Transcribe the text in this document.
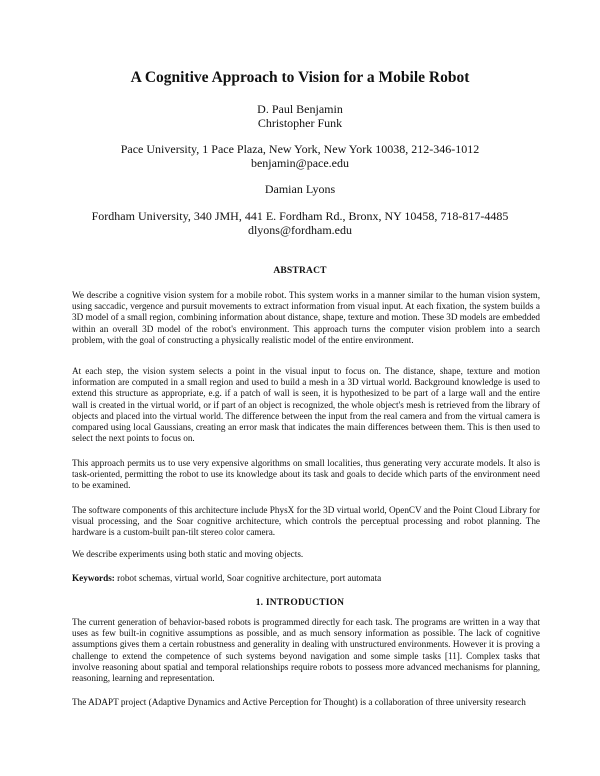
A Cognitive Approach to Vision for a Mobile Robot
D. Paul Benjamin
Christopher Funk
Pace University, 1 Pace Plaza, New York, New York 10038, 212-346-1012
benjamin@pace.edu
Damian Lyons
Fordham University, 340 JMH, 441 E. Fordham Rd., Bronx, NY 10458, 718-817-4485
dlyons@fordham.edu
ABSTRACT

We describe a cognitive vision system for a mobile robot. This system works in a manner similar to the human vision system, using saccadic, vergence and pursuit movements to extract information from visual input. At each fixation, the system builds a 3D model of a small region, combining information about distance, shape, texture and motion. These 3D models are embedded within an overall 3D model of the robot's environment. This approach turns the computer vision problem into a search problem, with the goal of constructing a physically realistic model of the entire environment.

At each step, the vision system selects a point in the visual input to focus on. The distance, shape, texture and motion information are computed in a small region and used to build a mesh in a 3D virtual world. Background knowledge is used to extend this structure as appropriate, e.g. if a patch of wall is seen, it is hypothesized to be part of a large wall and the entire wall is created in the virtual world, or if part of an object is recognized, the whole object's mesh is retrieved from the library of objects and placed into the virtual world. The difference between the input from the real camera and from the virtual camera is compared using local Gaussians, creating an error mask that indicates the main differences between them. This is then used to select the next points to focus on.

This approach permits us to use very expensive algorithms on small localities, thus generating very accurate models. It also is task-oriented, permitting the robot to use its knowledge about its task and goals to decide which parts of the environment need to be examined.

The software components of this architecture include PhysX for the 3D virtual world, OpenCV and the Point Cloud Library for visual processing, and the Soar cognitive architecture, which controls the perceptual processing and robot planning. The hardware is a custom-built pan-tilt stereo color camera.

We describe experiments using both static and moving objects.

Keywords: robot schemas, virtual world, Soar cognitive architecture, port automata

1. INTRODUCTION

The current generation of behavior-based robots is programmed directly for each task. The programs are written in a way that uses as few built-in cognitive assumptions as possible, and as much sensory information as possible. The lack of cognitive assumptions gives them a certain robustness and generality in dealing with unstructured environments. However it is proving a challenge to extend the competence of such systems beyond navigation and some simple tasks [11]. Complex tasks that involve reasoning about spatial and temporal relationships require robots to possess more advanced mechanisms for planning, reasoning, learning and representation.

The ADAPT project (Adaptive Dynamics and Active Perception for Thought) is a collaboration of three university research
